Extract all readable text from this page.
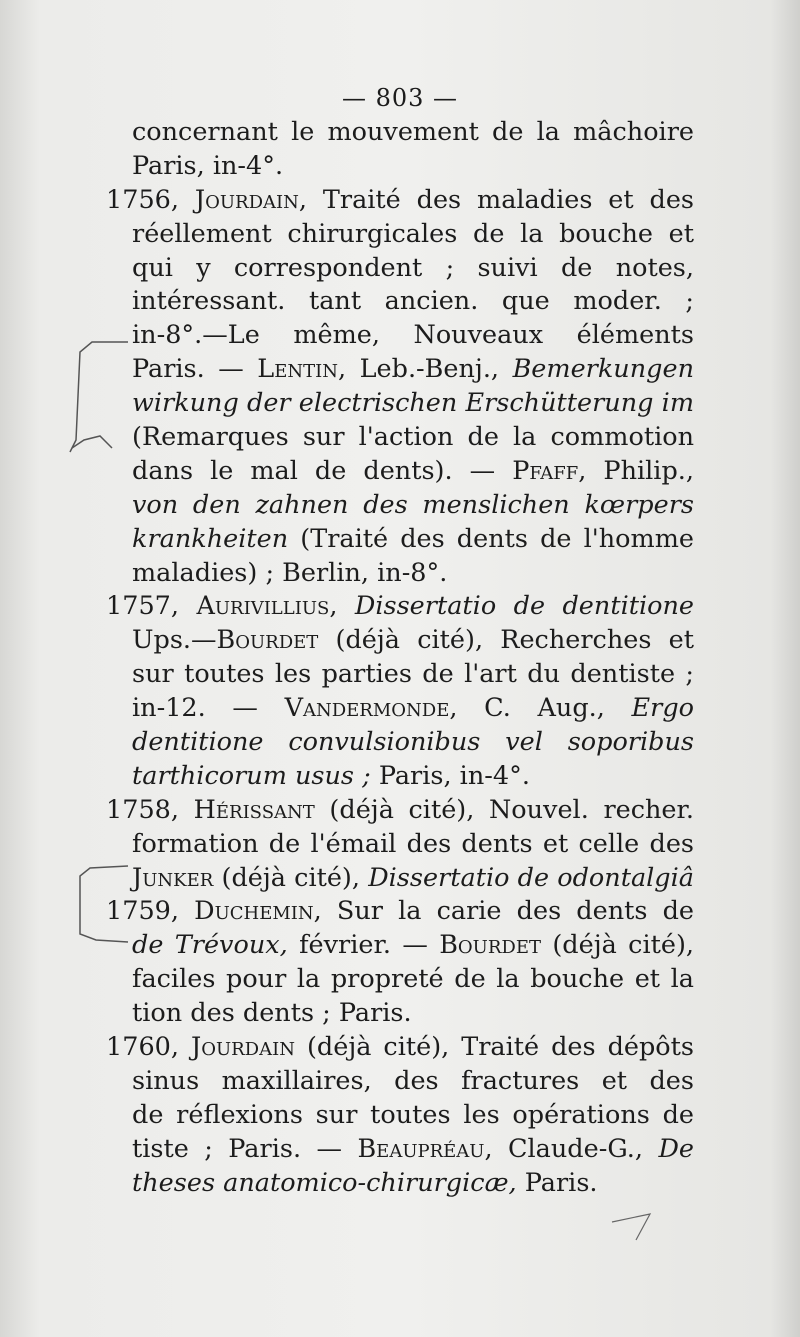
— 803 —
concernant le mouvement de la mâchoire
Paris, in-4°.
1756, Jourdain, Traité des maladies et des
réellement chirurgicales de la bouche et
qui y correspondent ; suivi de notes,
intéressant. tant ancien. que moder. ;
in-8°.—Le même, Nouveaux éléments
Paris. — Lentin, Leb.-Benj., Bemerkungen
wirkung der electrischen Erschütterung im
(Remarques sur l'action de la commotion
dans le mal de dents). — Pfaff, Philip.,
von den zahnen des menslichen kœrpers
krankheiten (Traité des dents de l'homme
maladies) ; Berlin, in-8°.
1757, Aurivillius, Dissertatio de dentitione
Ups.—Bourdet (déjà cité), Recherches et
sur toutes les parties de l'art du dentiste ;
in-12. — Vandermonde, C. Aug., Ergo
dentitione convulsionibus vel soporibus
tarthicorum usus ; Paris, in-4°.
1758, Hérissant (déjà cité), Nouvel. recher.
formation de l'émail des dents et celle des
Junker (déjà cité), Dissertatio de odontalgiâ
1759, Duchemin, Sur la carie des dents de
de Trévoux, février. — Bourdet (déjà cité),
faciles pour la propreté de la bouche et la
tion des dents ; Paris.
1760, Jourdain (déjà cité), Traité des dépôts
sinus maxillaires, des fractures et des
de réflexions sur toutes les opérations de
tiste ; Paris. — Beaupréau, Claude-G., De
theses anatomico-chirurgicæ, Paris.
